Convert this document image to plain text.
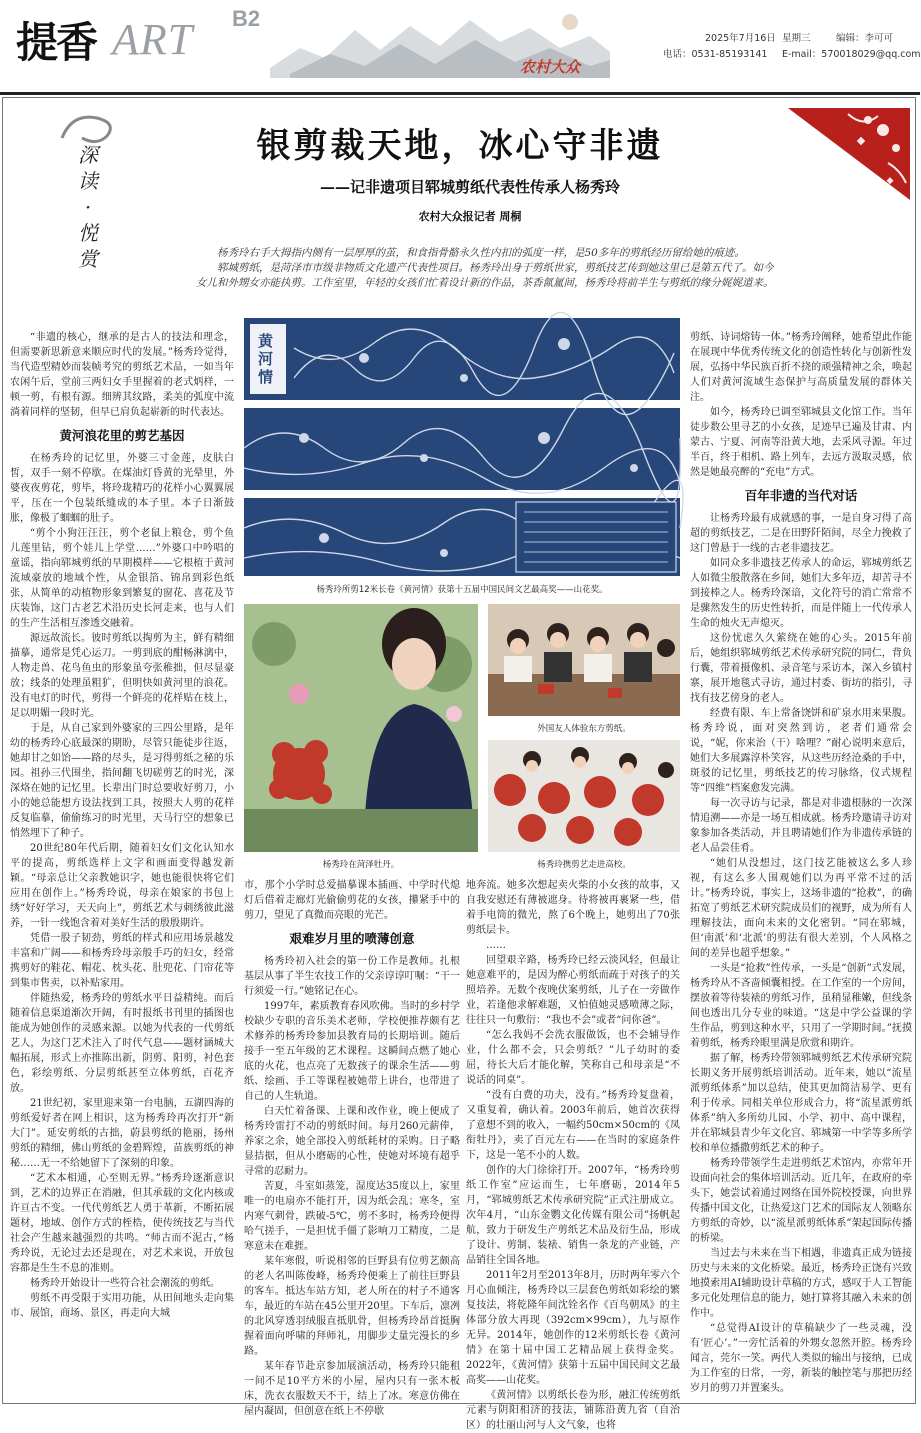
提香 ART B2
农村大众
2025年7月16日 星期三	编辑：李可可
电话：0531-85193141 E-mail：570018029@qq.com
深
读
·
悦
赏
银剪裁天地，冰心守非遗
——记非遗项目郓城剪纸代表性传承人杨秀玲
农村大众报记者 周桐

杨秀玲右手大拇指内侧有一层厚厚的茧，和食指骨骼永久性内扣的弧度一样，是50多年的剪纸经历留给她的痕迹。

郓城剪纸，是菏泽市市级非物质文化遗产代表性项目。杨秀玲出身于剪纸世家，剪纸技艺传到她这里已是第五代了。如今女儿和外甥女亦能执剪。工作室里，年轻的女孩们忙着设计新的作品，茶香氤氲间，杨秀玲将前半生与剪纸的缘分娓娓道来。

“非遗的核心，继承的是古人的技法和理念，但需要新思新意来顺应时代的发展。”杨秀玲觉得，当代造型精妙而装帧考究的剪纸艺术品，一如当年农闲午后，堂前三两妇女手里握着的老式炳样，一顿一剪，有根有源。细辨其纹路，柔美的弧度中流淌着同样的坚韧，但早已肩负起崭新的时代表达。

黄河浪花里的剪艺基因

在杨秀玲的记忆里，外婆三寸金莲，皮肤白皙，双手一刻不停歇。在煤油灯昏黄的光晕里，外婆夜夜剪花，剪毕，将玲珑精巧的花样小心翼翼展平，压在一个包装纸缝成的本子里。本子日渐鼓胀，像极了蝈蝈的肚子。

“剪个小狗汪汪汪，剪个老鼠上粮仓，剪个鱼儿莲里钻，剪个娃儿上学堂……”外婆口中吟唱的童谣，指向郓城剪纸的早期模样——它根植于黄河流域豪放的地域个性，从金银箔、锦帛到彩色纸张，从简单的动植物形象到繁复的窗花、喜花及节庆装饰，这门古老艺术沿历史长河走来，也与人们的生产生活相互渗透交融着。

源远故流长。彼时剪纸以掏剪为主，鲜有精细描摹，通常是凭心运刀。一剪到底的酣畅淋漓中，人物走兽、花鸟鱼虫的形象虽夸张稚拙，但尽显豪放；线条的处理虽粗犷，但明快如黄河里的浪花。没有电灯的时代，剪得一个鲜亮的花样贴在枝上，足以明媚一段时光。

于是，从自己家到外婆家的三四公里路，是年幼的杨秀玲心底最深的期盼，尽管只能徒步往返，她却甘之如饴——路的尽头，是习得剪纸之秘的乐园。祖孙三代围坐，指间翻飞切磋剪艺的时光，深深烙在她的记忆里。长辈出门时总要收好剪刀，小小的她总能想方设法找到工具，按照大人剪的花样反复临摹，偷偷练习的时光里，天马行空的想象已悄然埋下了种子。

20世纪80年代后期，随着妇女们文化认知水平的提高，剪纸选样上文字和画面变得越发新颖。“母亲总让父亲教她识字，她也能很快将它们应用在创作上。”杨秀玲说，母亲在娘家的书包上绣“好好学习，天天向上”，剪纸艺术与刺绣彼此滋养，一针一线饱含着对美好生活的殷殷期许。

凭借一股子韧劲，剪纸的样式和应用场景越发丰富和广阔——和杨秀玲母亲般手巧的妇女，经常携剪好的鞋花、帽花、枕头花、肚兜花、门帘花等到集市售卖，以补贴家用。

伴随热爱，杨秀玲的剪纸水平日益精纯。而后随着信息渠道渐次开阔，有时报纸书刊里的插图也能成为她创作的灵感来源。以她为代表的一代剪纸艺人，为这门艺术注入了时代气息——题材涵城大幅拓展，形式上亦推陈出新，阴剪、阳剪，衬色套色，彩绘剪纸、分层剪纸甚至立体剪纸，百花齐放。

21世纪初，家里迎来第一台电脑，五湖四海的剪纸爱好者在网上相识，这为杨秀玲再次打开“新大门”。延安剪纸的古拙，蔚县剪纸的艳丽，扬州剪纸的精细，佛山剪纸的金碧辉煌，苗族剪纸的神秘……无一不给她留下了深刻的印象。

“艺术本相通，心至则无界。”杨秀玲逐渐意识到，艺术的边界正在消融，但其承载的文化内核或许亘古不变。一代代剪纸艺人勇于革新，不断拓展题材，地域、创作方式的桎梏，使传统技艺与当代社会产生越来越强烈的共鸣。“师古而不泥古，”杨秀玲说，无论过去还是现在，对艺术来说，开放包容都是生生不息的准则。

杨秀玲开始设计一些符合社会潮流的剪纸。

剪纸不再受限于实用功能，从田间地头走向集市、展馆，商场、景区，再走向大城

黄河情
杨秀玲所剪12米长卷《黄河情》获第十五届中国民间文艺最高奖——山花奖。
杨秀玲在菏泽牡丹。
外国友人体验东方剪纸。
杨秀玲携剪艺走进高校。

市，那个小学时总爱描摹课本插画、中学时代熄灯后借着走廊灯光偷偷剪花的女孩，攥紧手中的剪刀，望见了真微而亮眼的光芒。

艰难岁月里的喷薄创意

杨秀玲初入社会的第一份工作是教师。扎根基层从事了半生农技工作的父亲谆谆叮嘱：“干一行须爱一行。”她铭记在心。

1997年，素质教育春风吹佛。当时的乡村学校缺少专职的音乐美术老师，学校便推荐颇有艺术修养的杨秀玲参加县教育局的长期培训。随后接手一至五年级的艺术课程。这瞬间点燃了她心底的火花，也点亮了无数孩子的课余生活——剪纸、绘画、手工等课程被她带上讲台，也带进了自己的人生轨道。

白天忙着备课、上课和改作业，晚上便成了杨秀玲雷打不动的剪纸时间。每月260元薪俸，养家之余，她全部投入剪纸耗材的采购。日子略显拮据，但从小磨砺的心性，使她对坏境有超乎寻常的忍耐力。

苦夏，斗室如蒸笼，湿度达35度以上，家里唯一的电扇亦不能打开，因为纸会乱；寒冬，室内寒气刺骨，跌破-5℃，剪不多时，杨秀玲便得哈气搓手，一是担忧手僵了影响刀工精度，二是寒意未在难捱。

某年寒假，听说相邻的巨野县有位剪艺颇高的老人名叫陈俊峰，杨秀玲便乘上了前往巨野县的客车。抵达车站方知，老人所在的村子不通客车，最近的车站在45公里开20里。下车后，凛冽的北风穿透羽绒服直抵肌骨，但杨秀玲昂首挺胸握着面向呼啸的拜师礼，用脚步丈量完漫长的乡路。

某年春节赴京参加展演活动，杨秀玲只能租一间不足10平方米的小屋，屋内只有一张木板床，洗衣衣服数天不干，结上了冰。寒意仿佛在屋内凝固，但创意在纸上不停歇

地奔流。她多次想起卖火柴的小女孩的故事，又自我安慰还有薄被遮身。待将被再裹紧一些，借着手电筒的微光，熬了6个晚上，她剪出了70张剪纸层卡。

……

回望艰辛路，杨秀玲已经云淡风轻，但最让她意难平的，是因为醉心剪纸而疏于对孩子的关照培养。无数个夜晚伏案剪纸，儿子在一旁做作业，若逢他求解难题，又怕值她灵感喷薄之际，往往只一句敷衍：“我也不会”或者“问你爸”。

“怎么我妈不会洗衣服做饭，也不会辅导作业，什么都不会，只会剪纸？”儿子幼时的委屈，待长大后才能化解，笑称自己和母亲是“不说话的同桌”。

“没有白费的功夫，没有。”杨秀玲复盘着，又重复着，确认着。2003年前后，她首次获得了意想不到的收入，一幅约50cm×50cm的《凤衔牡丹》，卖了百元左右——在当时的家庭条件下，这是一笔不小的人数。

创作的大门徐徐打开。2007年，“杨秀玲剪纸工作室”应运而生，七年磨砺，2014年5月，“郓城剪纸艺术传承研究院”正式注册成立。次年4月，“山东金鹦文化传媒有限公司”扬帆起航，致力于研发生产剪纸艺术品及衍生品，形成了设计、剪制、装裱、销售一条龙的产业链，产品销往全国各地。

2011年2月至2013年8月，历时两年零六个月心血倾注，杨秀玲以三层套色剪纸如彩绘的繁复技法，将乾隆年间沈铨名作《百鸟朝凤》的主体部分放大再现（392cm×99cm），九与原作无异。2014年，她创作的12米剪纸长卷《黄河情》在第十届中国工艺精品展上获得金奖。2022年，《黄河情》获第十五届中国民间文艺最高奖——山花奖。

《黄河情》以剪纸长卷为形，融汇传统剪纸元素与阴阳相济的技法，铺陈沿黄九省（自治区）的壮丽山河与人文气象，也将

剪纸、诗词熔铸一体。”杨秀玲阐释，她希望此作能在展现中华优秀传统文化的创造性转化与创新性发展，弘扬中华民族百折不挠的顽强精神之余，唤起人们对黄河流域生态保护与高质量发展的群体关注。

如今，杨秀玲已调至郓城县文化馆工作。当年徒步数公里寻艺的小女孩，足迹早已遍及甘肃、内蒙古、宁夏、河南等沿黄大地，去采风寻源。年过半百，终于相机、路上列车，去远方汲取灵感，依然是她最亮醉的“充电”方式。

百年非遗的当代对话

让杨秀玲最有成就感的事，一是自身习得了高超的剪纸技艺，二是在田野阡陌间，尽全力挽救了这门曾悬于一线的古老非遗技艺。

如同众多非遗技艺传承人的命运，郓城剪纸艺人如微尘般散落在乡间，她们大多年迈，却苦寻不到接棒之人。杨秀玲深谙，文化符号的消亡常常不是骤然发生的历史性转折，而是伴随上一代传承人生命的烛火无声熄灭。

这份忧虑久久萦绕在她的心头。2015年前后，她组织郓城剪纸艺术传承研究院的同仁，背负行囊，带着摄像机、录音笔与采访本，深入乡镇村寨，展开地毯式寻访，通过村委、街坊的指引，寻找有技艺傍身的老人。

经费有限、车上常备饶饼和矿泉水用来果腹。杨秀玲说，面对突然到访，老者们通常会说，“妮，你来治（干）啥哩？”耐心说明来意后，她们大多展露淳朴笑容，从这些历经沧桑的手中，斑驳的记忆里，剪纸技艺的传习脉络，仪式规程等“四维”档案愈发完满。

每一次寻访与记录，都是对非遗根脉的一次深情追溯——亦是一场互相成就。杨秀玲邀请寻访对象参加各类活动，并且聘请她们作为非遗传承链的老人品尝佳肴。

“她们从没想过，这门技艺能被这么多人珍视，有这么多人围观她们以为再平常不过的活计。”杨秀玲说，事实上，这场非遗的“抢救”，的确拓宽了剪纸艺术研究院成员们的视野，成为所有人理解技法，面向未来的文化密钥。“同在郓城，但‘南派’和‘北派’的剪法有很大差别，个人风格之间的差异也超乎想象。”

一头是“抢救”性传承，一头是“创新”式发展，杨秀玲从不吝啬倾囊相授。在工作室的一个房间，摆放着等待装裱的剪纸习作，虽稍显稚嫩，但线条间也透出几分专业的味道。“这是中学公益课的学生作品，剪到这种水平，只用了一学期时间。”抚摸着剪纸，杨秀玲眼里满是欣赏和期许。

据了解，杨秀玲带领郓城剪纸艺术传承研究院长期义务开展剪纸培训活动。近年来，她以“流星派剪纸体系”加以总结，使其更加简洁易学、更有利于传承。同相关单位形成合力，将“流星派剪纸体系”纳入多所幼儿园、小学、初中、高中课程，并在郓城县青少年文化宫、郓城第一中学等多所学校和单位播撒剪纸艺术的种子。

杨秀玲带领学生走进剪纸艺术馆内，亦常年开设面向社会的集体培训活动。近几年，在政府的牵头下，她尝试着通过网络在国外院校授课，向世界传播中国文化，让热爱这门艺术的国际友人领略东方剪纸的奇妙，以“流星派剪纸体系”架起国际传播的桥梁。

当过去与未来在当下相遇，非遗真正成为链接历史与未来的文化桥梁。最近，杨秀玲正饶有兴致地摸索用AI辅助设计草稿的方式，感叹于人工智能多元化处理信息的能力，她打算将其融入未来的创作中。

“总觉得AI设计的草稿缺少了一些灵魂，没有‘匠心’。”一旁忙活着的外甥女忽然开腔。杨秀玲闻言，莞尔一笑。两代人类似的输出与接纳，已成为工作室的日常，一旁，新装的触控笔与那把历经岁月的剪刀并置案头。
